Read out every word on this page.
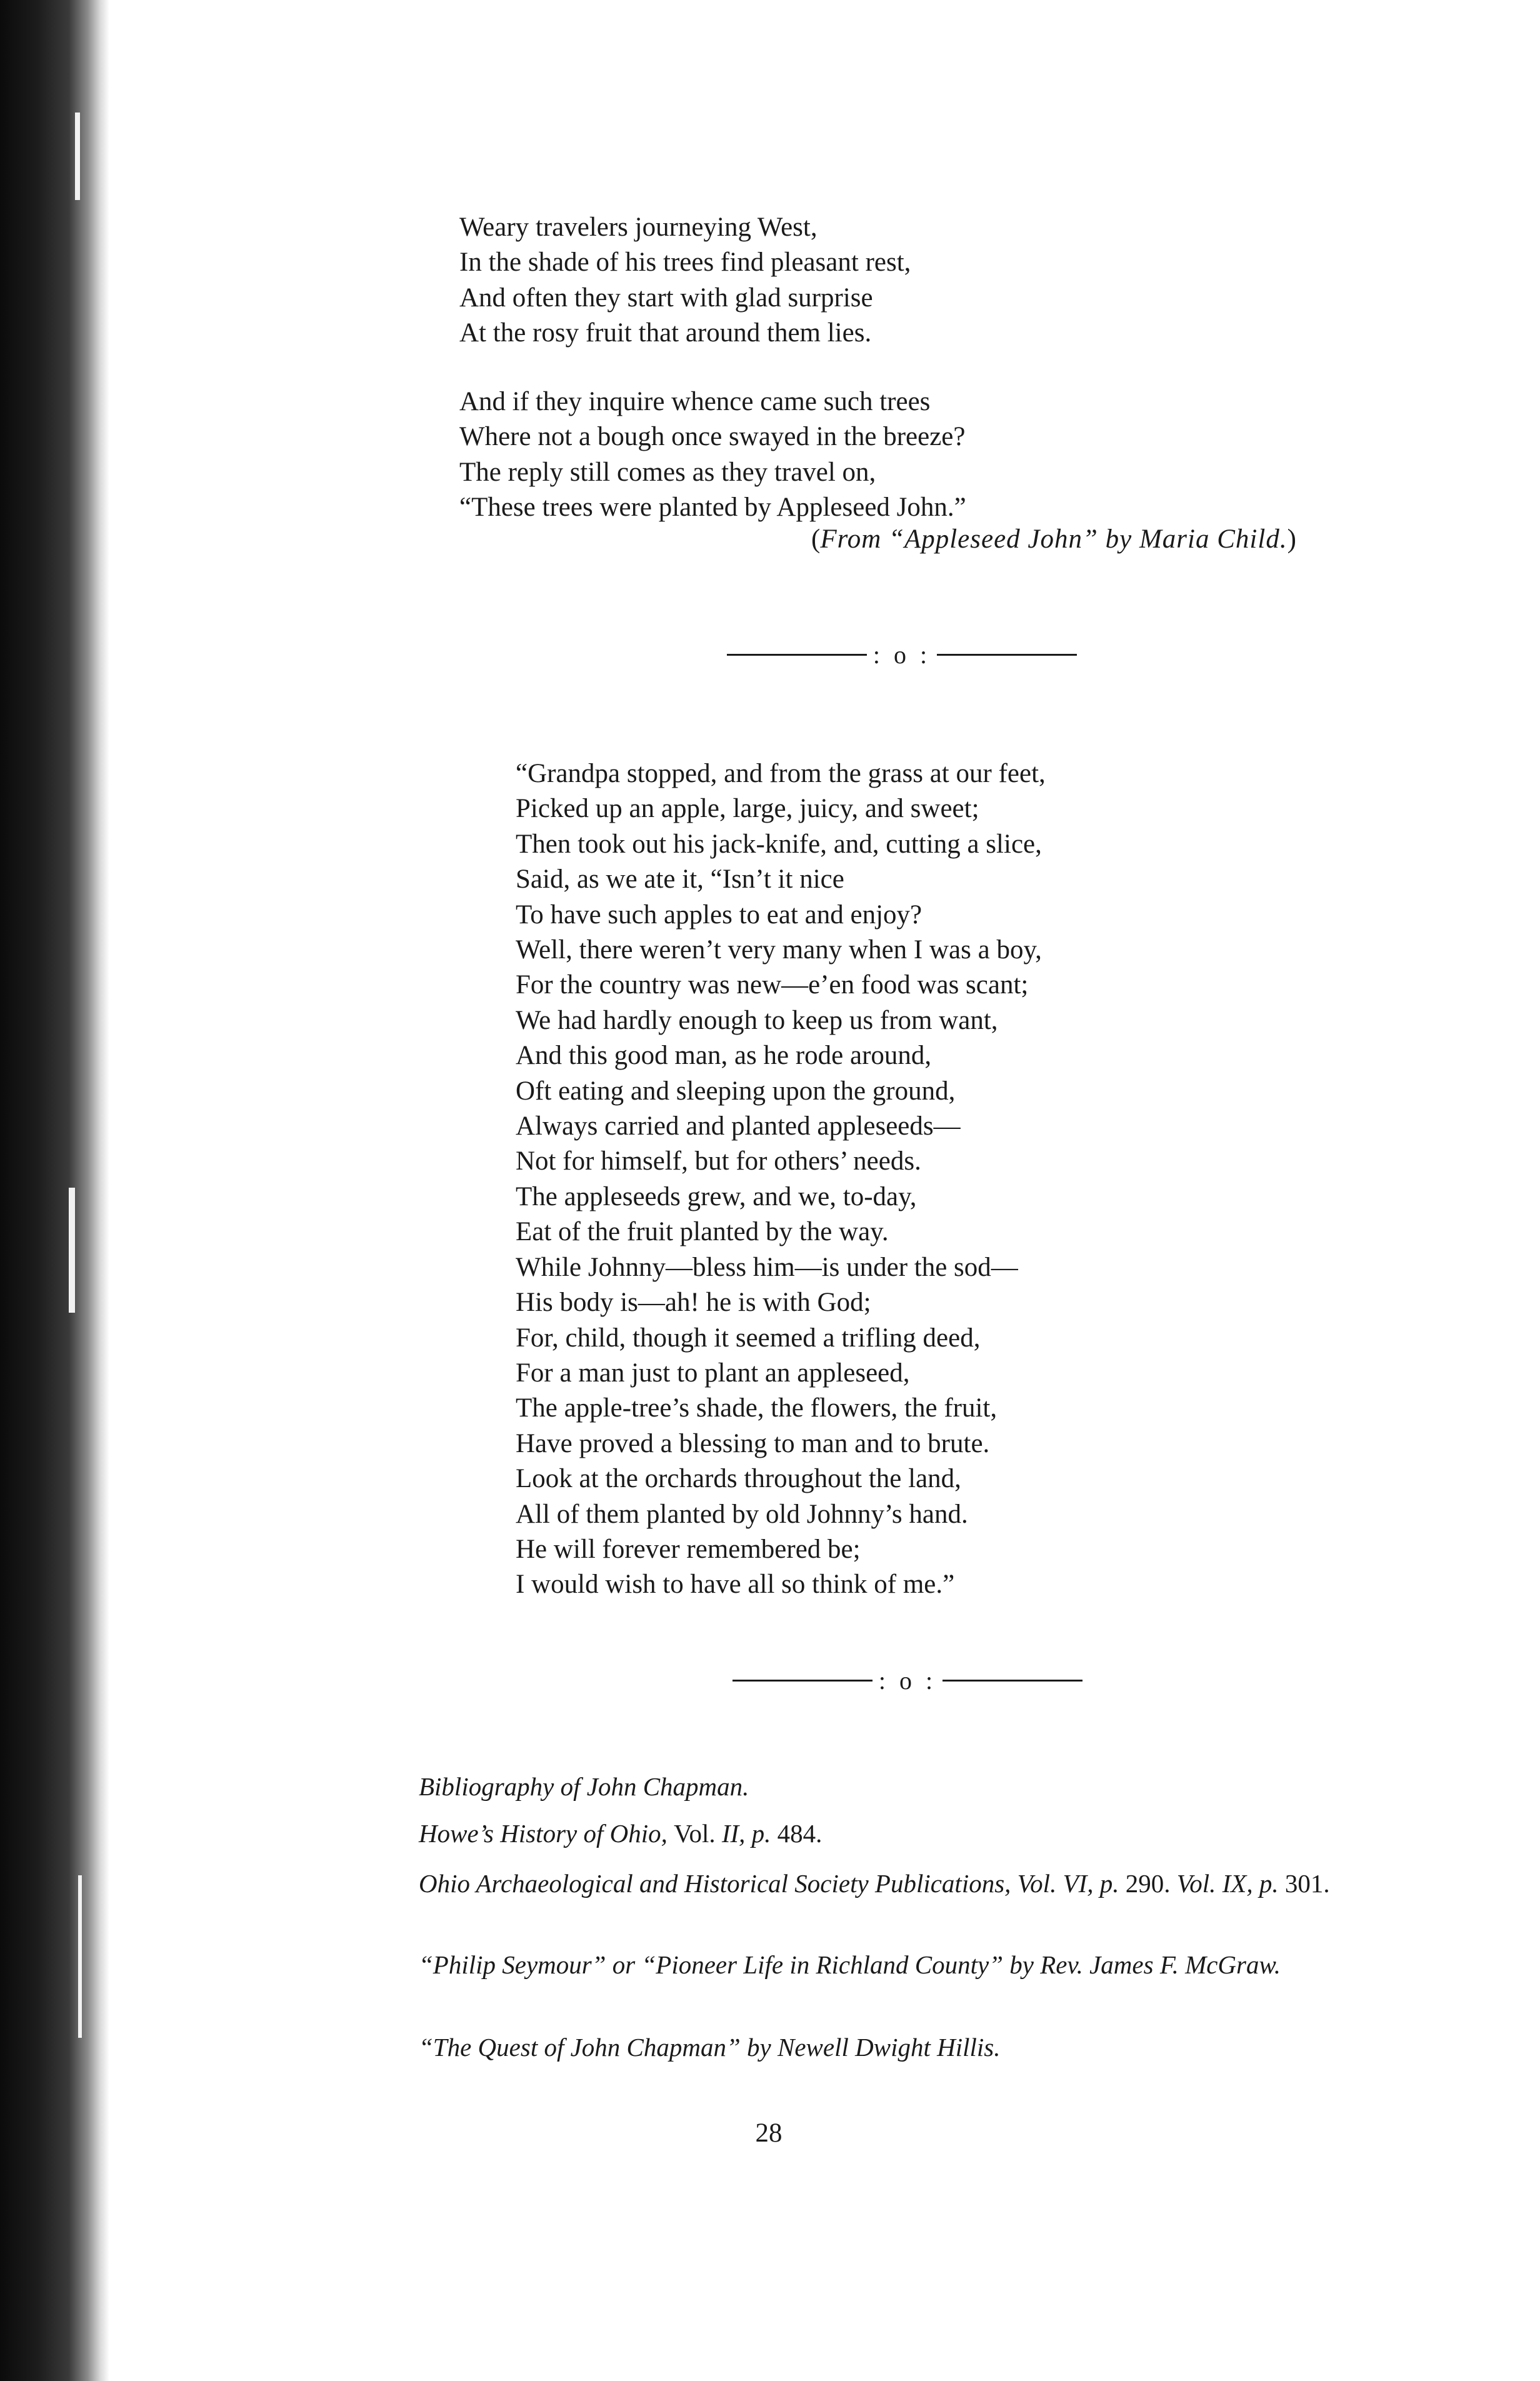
Weary travelers journeying West,
In the shade of his trees find pleasant rest,
And often they start with glad surprise
At the rosy fruit that around them lies.
And if they inquire whence came such trees
Where not a bough once swayed in the breeze?
The reply still comes as they travel on,
“These trees were planted by Appleseed John.”
(From “Appleseed John” by Maria Child.)
: o :
“Grandpa stopped, and from the grass at our feet,
Picked up an apple, large, juicy, and sweet;
Then took out his jack-knife, and, cutting a slice,
Said, as we ate it, “Isn’t it nice
To have such apples to eat and enjoy?
Well, there weren’t very many when I was a boy,
For the country was new—e’en food was scant;
We had hardly enough to keep us from want,
And this good man, as he rode around,
Oft eating and sleeping upon the ground,
Always carried and planted appleseeds—
Not for himself, but for others’ needs.
The appleseeds grew, and we, to-day,
Eat of the fruit planted by the way.
While Johnny—bless him—is under the sod—
His body is—ah! he is with God;
For, child, though it seemed a trifling deed,
For a man just to plant an appleseed,
The apple-tree’s shade, the flowers, the fruit,
Have proved a blessing to man and to brute.
Look at the orchards throughout the land,
All of them planted by old Johnny’s hand.
He will forever remembered be;
I would wish to have all so think of me.”
: o :
Bibliography of John Chapman.
Howe’s History of Ohio, Vol. II, p. 484.
Ohio Archaeological and Historical Society Publications, Vol. VI, p. 290. Vol. IX, p. 301.
“Philip Seymour” or “Pioneer Life in Richland County” by Rev. James F. McGraw.
“The Quest of John Chapman” by Newell Dwight Hillis.
28
